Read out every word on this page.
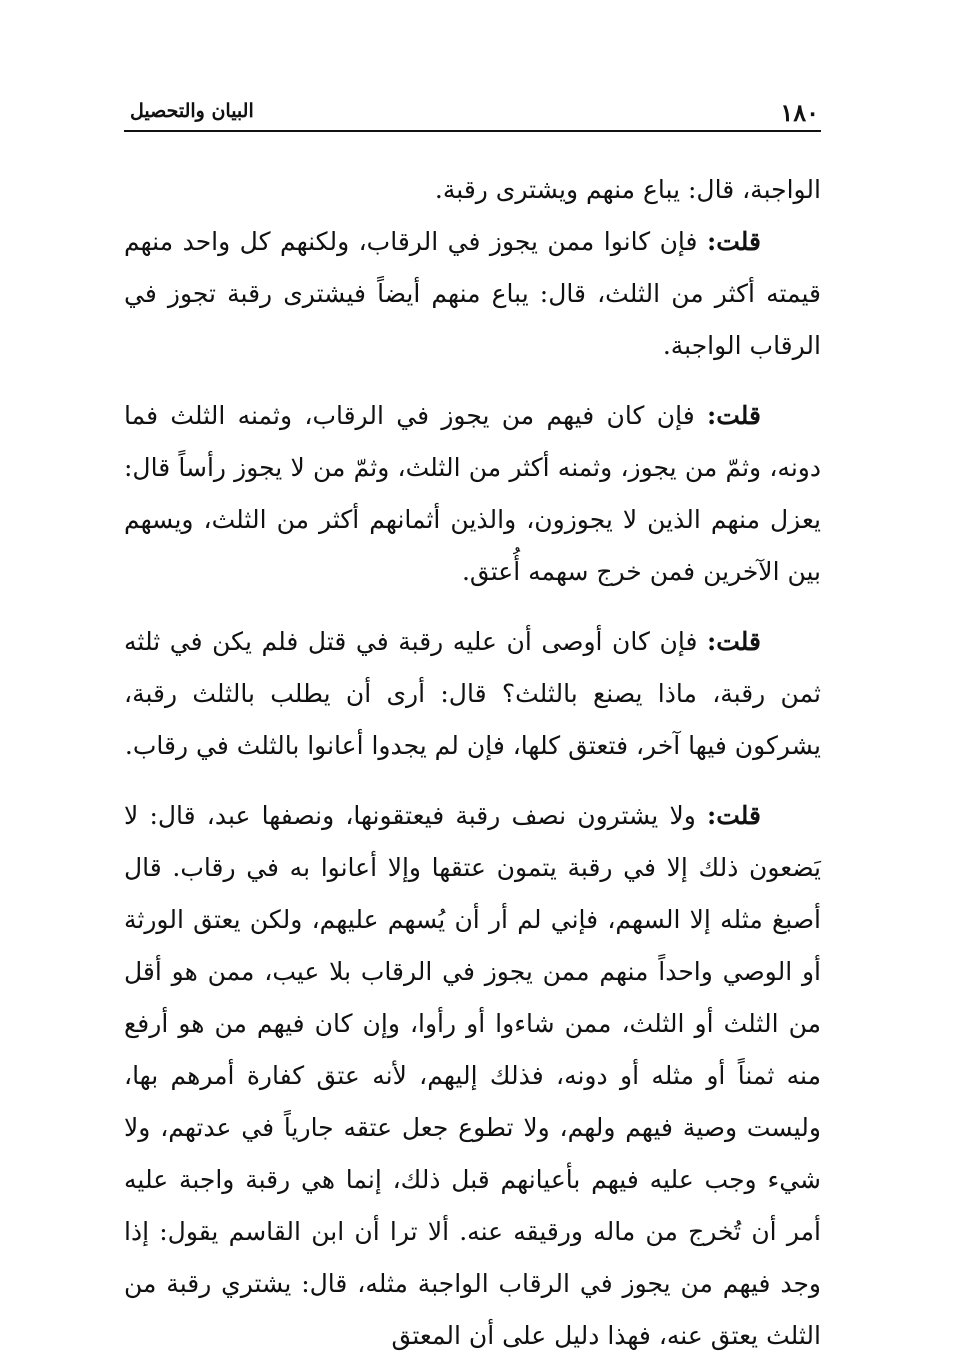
١٨٠
البيان والتحصيل

الواجبة، قال: يباع منهم ويشترى رقبة.

قلت: فإن كانوا ممن يجوز في الرقاب، ولكنهم كل واحد منهم قيمته أكثر من الثلث، قال: يباع منهم أيضاً فيشترى رقبة تجوز في الرقاب الواجبة.

قلت: فإن كان فيهم من يجوز في الرقاب، وثمنه الثلث فما دونه، وثمّ من يجوز، وثمنه أكثر من الثلث، وثمّ من لا يجوز رأساً قال: يعزل منهم الذين لا يجوزون، والذين أثمانهم أكثر من الثلث، ويسهم بين الآخرين فمن خرج سهمه أُعتق.

قلت: فإن كان أوصى أن عليه رقبة في قتل فلم يكن في ثلثه ثمن رقبة، ماذا يصنع بالثلث؟ قال: أرى أن يطلب بالثلث رقبة، يشركون فيها آخر، فتعتق كلها، فإن لم يجدوا أعانوا بالثلث في رقاب.

قلت: ولا يشترون نصف رقبة فيعتقونها، ونصفها عبد، قال: لا يَضعون ذلك إلا في رقبة يتمون عتقها وإلا أعانوا به في رقاب. قال أصبغ مثله إلا السهم، فإني لم أر أن يُسهم عليهم، ولكن يعتق الورثة أو الوصي واحداً منهم ممن يجوز في الرقاب بلا عيب، ممن هو أقل من الثلث أو الثلث، ممن شاءوا أو رأوا، وإن كان فيهم من هو أرفع منه ثمناً أو مثله أو دونه، فذلك إليهم، لأنه عتق كفارة أمرهم بها، وليست وصية فيهم ولهم، ولا تطوع جعل عتقه جارياً في عدتهم، ولا شيء وجب عليه فيهم بأعيانهم قبل ذلك، إنما هي رقبة واجبة عليه أمر أن تُخرج من ماله ورقيقه عنه. ألا ترا أن ابن القاسم يقول: إذا وجد فيهم من يجوز في الرقاب الواجبة مثله، قال: يشتري رقبة من الثلث يعتق عنه، فهذا دليل على أن المعتق
